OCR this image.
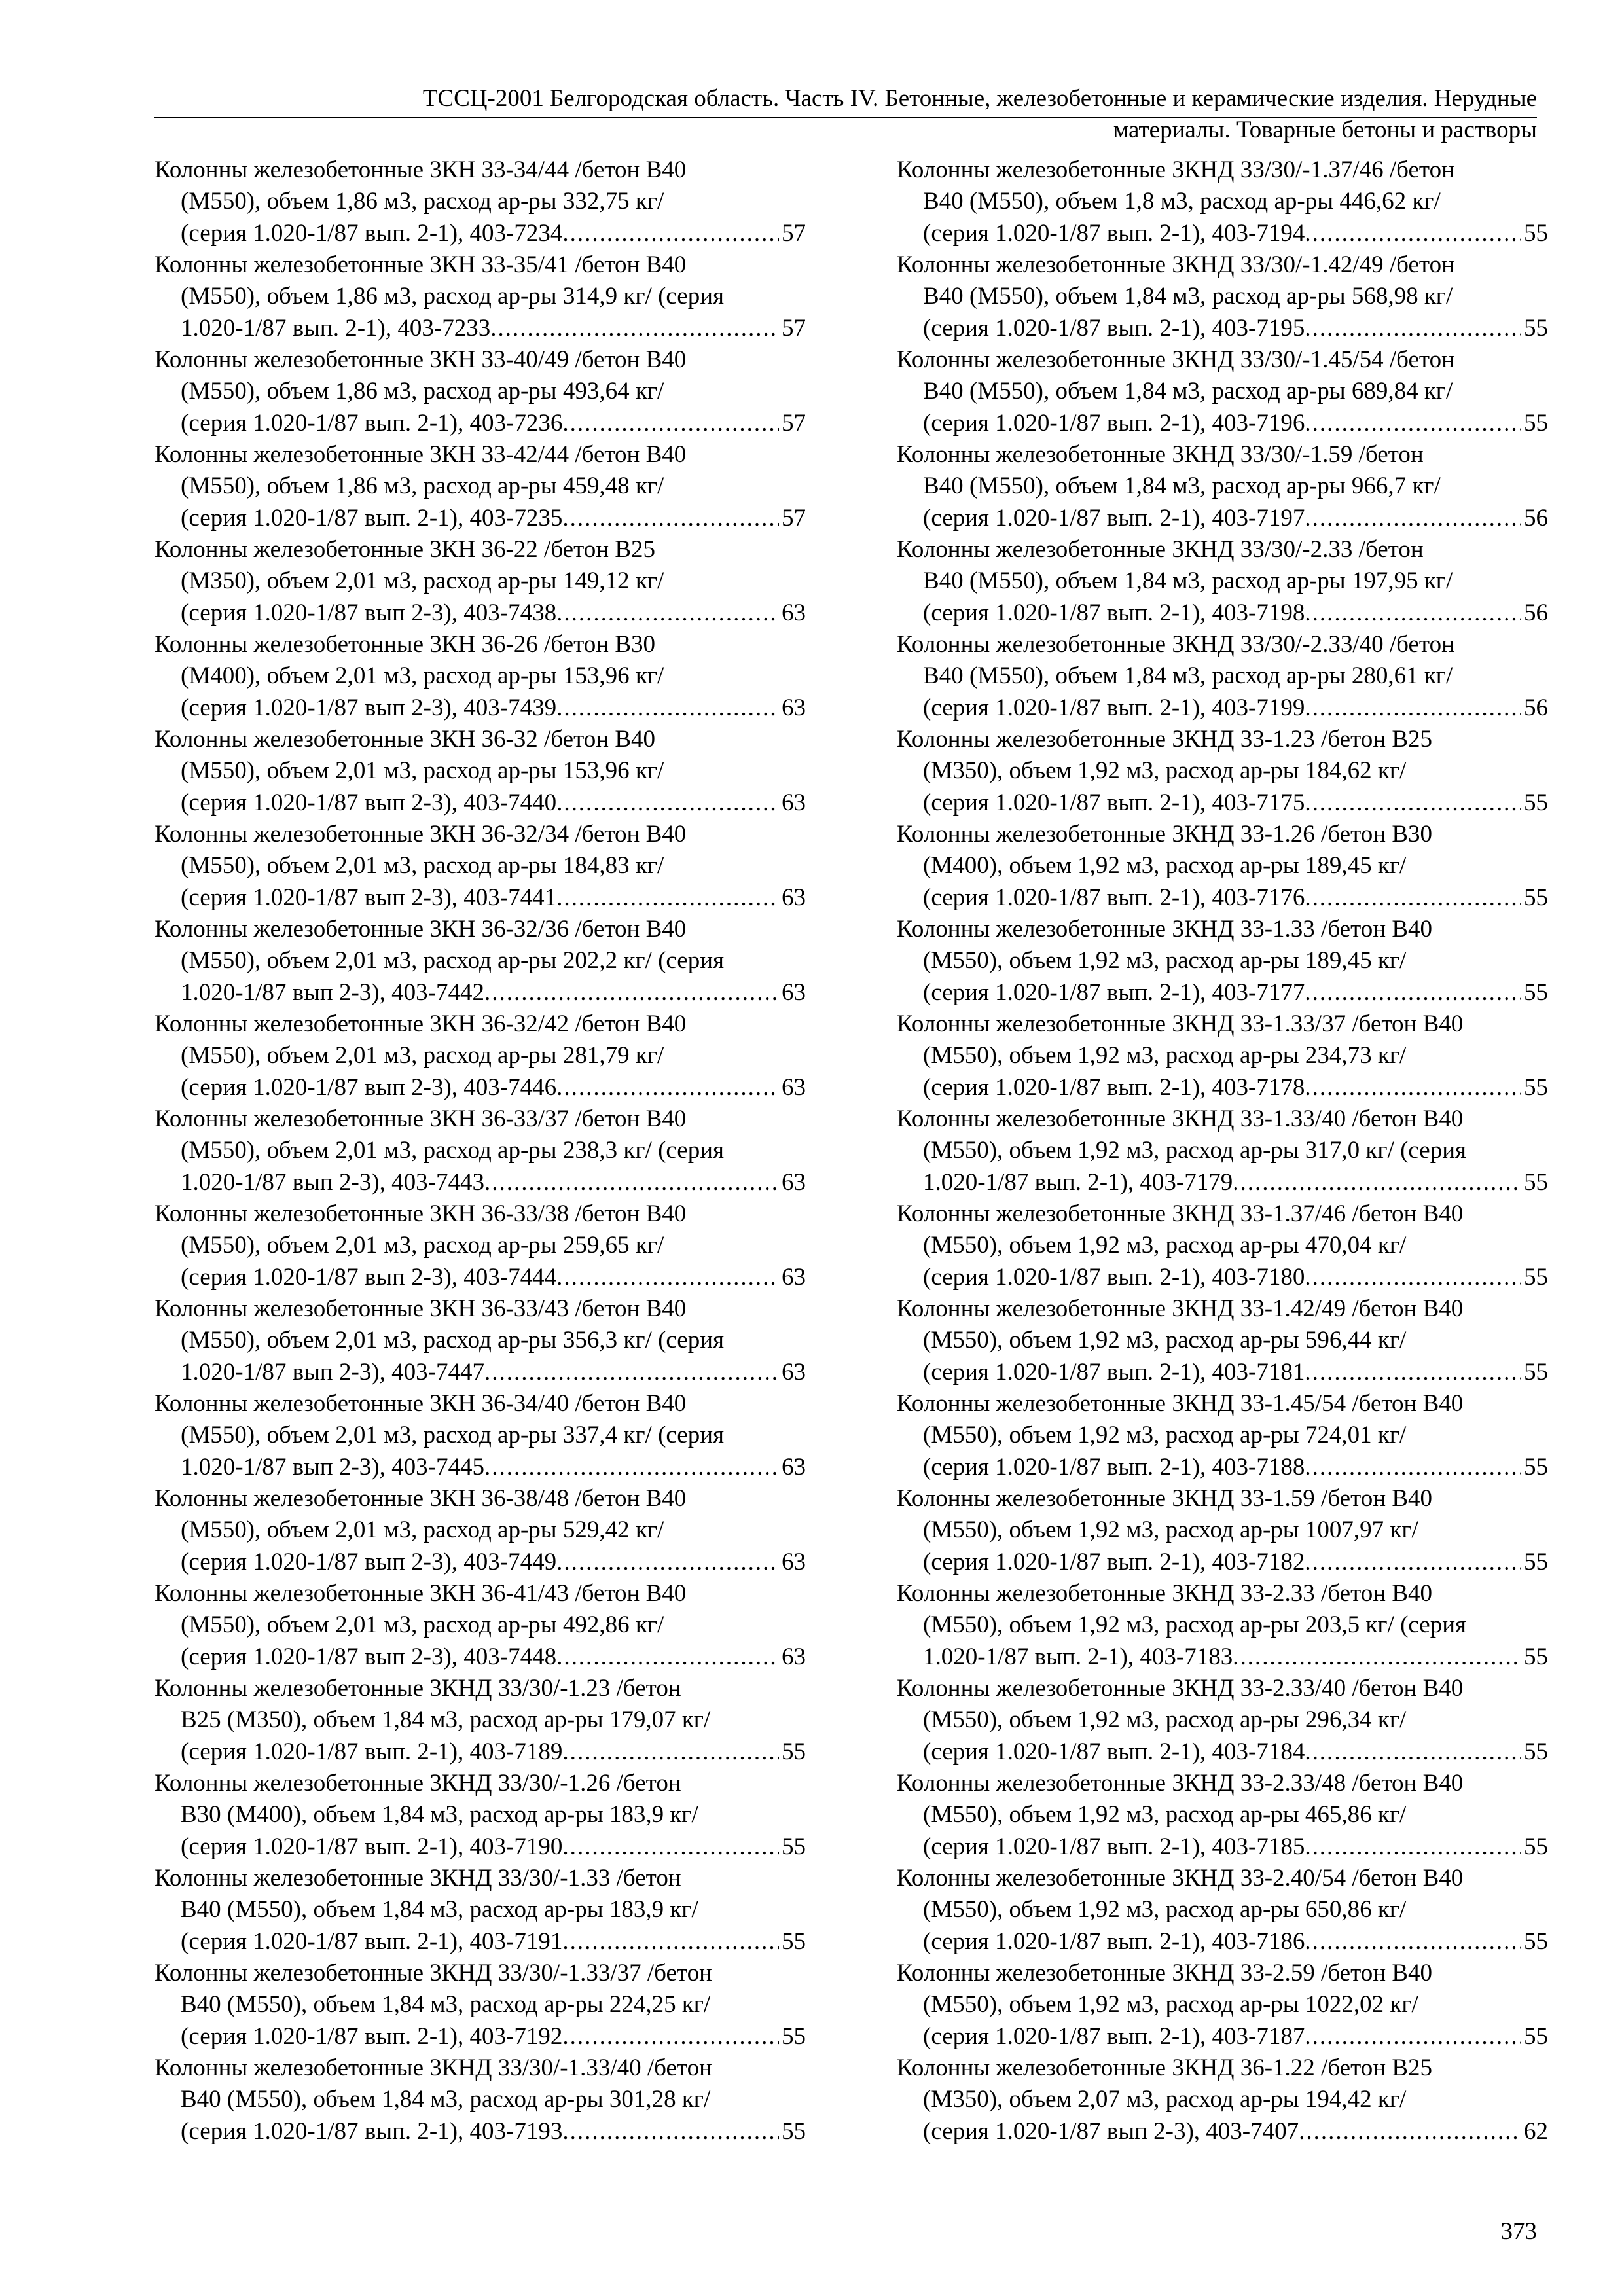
ТССЦ-2001 Белгородская область. Часть IV. Бетонные, железобетонные и керамические изделия. Нерудные
материалы. Товарные бетоны и растворы
Колонны железобетонные 3КН 33-34/44 /бетон В40
(М550), объем 1,86 м3, расход ар-ры 332,75 кг/
(серия 1.020-1/87 вып. 2-1), 403-7234 .....	57
Колонны железобетонные 3КН 33-35/41 /бетон В40
(М550), объем 1,86 м3, расход ар-ры 314,9 кг/ (серия
1.020-1/87 вып. 2-1), 403-7233 .....	57
Колонны железобетонные 3КН 33-40/49 /бетон В40
(М550), объем 1,86 м3, расход ар-ры 493,64 кг/
(серия 1.020-1/87 вып. 2-1), 403-7236 .....	57
Колонны железобетонные 3КН 33-42/44 /бетон В40
(М550), объем 1,86 м3, расход ар-ры 459,48 кг/
(серия 1.020-1/87 вып. 2-1), 403-7235 .....	57
Колонны железобетонные 3КН 36-22 /бетон В25
(М350), объем 2,01 м3, расход ар-ры 149,12 кг/
(серия 1.020-1/87 вып 2-3), 403-7438 .....	63
Колонны железобетонные 3КН 36-26 /бетон В30
(М400), объем 2,01 м3, расход ар-ры 153,96 кг/
(серия 1.020-1/87 вып 2-3), 403-7439 .....	63
Колонны железобетонные 3КН 36-32 /бетон В40
(М550), объем 2,01 м3, расход ар-ры 153,96 кг/
(серия 1.020-1/87 вып 2-3), 403-7440 .....	63
Колонны железобетонные 3КН 36-32/34 /бетон В40
(М550), объем 2,01 м3, расход ар-ры 184,83 кг/
(серия 1.020-1/87 вып 2-3), 403-7441 .....	63
Колонны железобетонные 3КН 36-32/36 /бетон В40
(М550), объем 2,01 м3, расход ар-ры 202,2 кг/ (серия
1.020-1/87 вып 2-3), 403-7442 .....	63
Колонны железобетонные 3КН 36-32/42 /бетон В40
(М550), объем 2,01 м3, расход ар-ры 281,79 кг/
(серия 1.020-1/87 вып 2-3), 403-7446 .....	63
Колонны железобетонные 3КН 36-33/37 /бетон В40
(М550), объем 2,01 м3, расход ар-ры 238,3 кг/ (серия
1.020-1/87 вып 2-3), 403-7443 .....	63
Колонны железобетонные 3КН 36-33/38 /бетон В40
(М550), объем 2,01 м3, расход ар-ры 259,65 кг/
(серия 1.020-1/87 вып 2-3), 403-7444 .....	63
Колонны железобетонные 3КН 36-33/43 /бетон В40
(М550), объем 2,01 м3, расход ар-ры 356,3 кг/ (серия
1.020-1/87 вып 2-3), 403-7447 .....	63
Колонны железобетонные 3КН 36-34/40 /бетон В40
(М550), объем 2,01 м3, расход ар-ры 337,4 кг/ (серия
1.020-1/87 вып 2-3), 403-7445 .....	63
Колонны железобетонные 3КН 36-38/48 /бетон В40
(М550), объем 2,01 м3, расход ар-ры 529,42 кг/
(серия 1.020-1/87 вып 2-3), 403-7449 .....	63
Колонны железобетонные 3КН 36-41/43 /бетон В40
(М550), объем 2,01 м3, расход ар-ры 492,86 кг/
(серия 1.020-1/87 вып 2-3), 403-7448 .....	63
Колонны железобетонные 3КНД 33/30/-1.23 /бетон
В25 (М350), объем 1,84 м3, расход ар-ры 179,07 кг/
(серия 1.020-1/87 вып. 2-1), 403-7189 .....	55
Колонны железобетонные 3КНД 33/30/-1.26 /бетон
В30 (М400), объем 1,84 м3, расход ар-ры 183,9 кг/
(серия 1.020-1/87 вып. 2-1), 403-7190 .....	55
Колонны железобетонные 3КНД 33/30/-1.33 /бетон
В40 (М550), объем 1,84 м3, расход ар-ры 183,9 кг/
(серия 1.020-1/87 вып. 2-1), 403-7191 .....	55
Колонны железобетонные 3КНД 33/30/-1.33/37 /бетон
В40 (М550), объем 1,84 м3, расход ар-ры 224,25 кг/
(серия 1.020-1/87 вып. 2-1), 403-7192 .....	55
Колонны железобетонные 3КНД 33/30/-1.33/40 /бетон
В40 (М550), объем 1,84 м3, расход ар-ры 301,28 кг/
(серия 1.020-1/87 вып. 2-1), 403-7193 .....	55
Колонны железобетонные 3КНД 33/30/-1.37/46 /бетон
В40 (М550), объем 1,8 м3, расход ар-ры 446,62 кг/
(серия 1.020-1/87 вып. 2-1), 403-7194 .....	55
Колонны железобетонные 3КНД 33/30/-1.42/49 /бетон
В40 (М550), объем 1,84 м3, расход ар-ры 568,98 кг/
(серия 1.020-1/87 вып. 2-1), 403-7195 .....	55
Колонны железобетонные 3КНД 33/30/-1.45/54 /бетон
В40 (М550), объем 1,84 м3, расход ар-ры 689,84 кг/
(серия 1.020-1/87 вып. 2-1), 403-7196 .....	55
Колонны железобетонные 3КНД 33/30/-1.59 /бетон
В40 (М550), объем 1,84 м3, расход ар-ры 966,7 кг/
(серия 1.020-1/87 вып. 2-1), 403-7197 .....	56
Колонны железобетонные 3КНД 33/30/-2.33 /бетон
В40 (М550), объем 1,84 м3, расход ар-ры 197,95 кг/
(серия 1.020-1/87 вып. 2-1), 403-7198 .....	56
Колонны железобетонные 3КНД 33/30/-2.33/40 /бетон
В40 (М550), объем 1,84 м3, расход ар-ры 280,61 кг/
(серия 1.020-1/87 вып. 2-1), 403-7199 .....	56
Колонны железобетонные 3КНД 33-1.23 /бетон В25
(М350), объем 1,92 м3, расход ар-ры 184,62 кг/
(серия 1.020-1/87 вып. 2-1), 403-7175 .....	55
Колонны железобетонные 3КНД 33-1.26 /бетон В30
(М400), объем 1,92 м3, расход ар-ры 189,45 кг/
(серия 1.020-1/87 вып. 2-1), 403-7176 .....	55
Колонны железобетонные 3КНД 33-1.33 /бетон В40
(М550), объем 1,92 м3, расход ар-ры 189,45 кг/
(серия 1.020-1/87 вып. 2-1), 403-7177 .....	55
Колонны железобетонные 3КНД 33-1.33/37 /бетон В40
(М550), объем 1,92 м3, расход ар-ры 234,73 кг/
(серия 1.020-1/87 вып. 2-1), 403-7178 .....	55
Колонны железобетонные 3КНД 33-1.33/40 /бетон В40
(М550), объем 1,92 м3, расход ар-ры 317,0 кг/ (серия
1.020-1/87 вып. 2-1), 403-7179 .....	55
Колонны железобетонные 3КНД 33-1.37/46 /бетон В40
(М550), объем 1,92 м3, расход ар-ры 470,04 кг/
(серия 1.020-1/87 вып. 2-1), 403-7180 .....	55
Колонны железобетонные 3КНД 33-1.42/49 /бетон В40
(М550), объем 1,92 м3, расход ар-ры 596,44 кг/
(серия 1.020-1/87 вып. 2-1), 403-7181 .....	55
Колонны железобетонные 3КНД 33-1.45/54 /бетон В40
(М550), объем 1,92 м3, расход ар-ры 724,01 кг/
(серия 1.020-1/87 вып. 2-1), 403-7188 .....	55
Колонны железобетонные 3КНД 33-1.59 /бетон В40
(М550), объем 1,92 м3, расход ар-ры 1007,97 кг/
(серия 1.020-1/87 вып. 2-1), 403-7182 .....	55
Колонны железобетонные 3КНД 33-2.33 /бетон В40
(М550), объем 1,92 м3, расход ар-ры 203,5 кг/ (серия
1.020-1/87 вып. 2-1), 403-7183 .....	55
Колонны железобетонные 3КНД 33-2.33/40 /бетон В40
(М550), объем 1,92 м3, расход ар-ры 296,34 кг/
(серия 1.020-1/87 вып. 2-1), 403-7184 .....	55
Колонны железобетонные 3КНД 33-2.33/48 /бетон В40
(М550), объем 1,92 м3, расход ар-ры 465,86 кг/
(серия 1.020-1/87 вып. 2-1), 403-7185 .....	55
Колонны железобетонные 3КНД 33-2.40/54 /бетон В40
(М550), объем 1,92 м3, расход ар-ры 650,86 кг/
(серия 1.020-1/87 вып. 2-1), 403-7186 .....	55
Колонны железобетонные 3КНД 33-2.59 /бетон В40
(М550), объем 1,92 м3, расход ар-ры 1022,02 кг/
(серия 1.020-1/87 вып. 2-1), 403-7187 .....	55
Колонны железобетонные 3КНД 36-1.22 /бетон В25
(М350), объем 2,07 м3, расход ар-ры 194,42 кг/
(серия 1.020-1/87 вып 2-3), 403-7407 .....	62
373
